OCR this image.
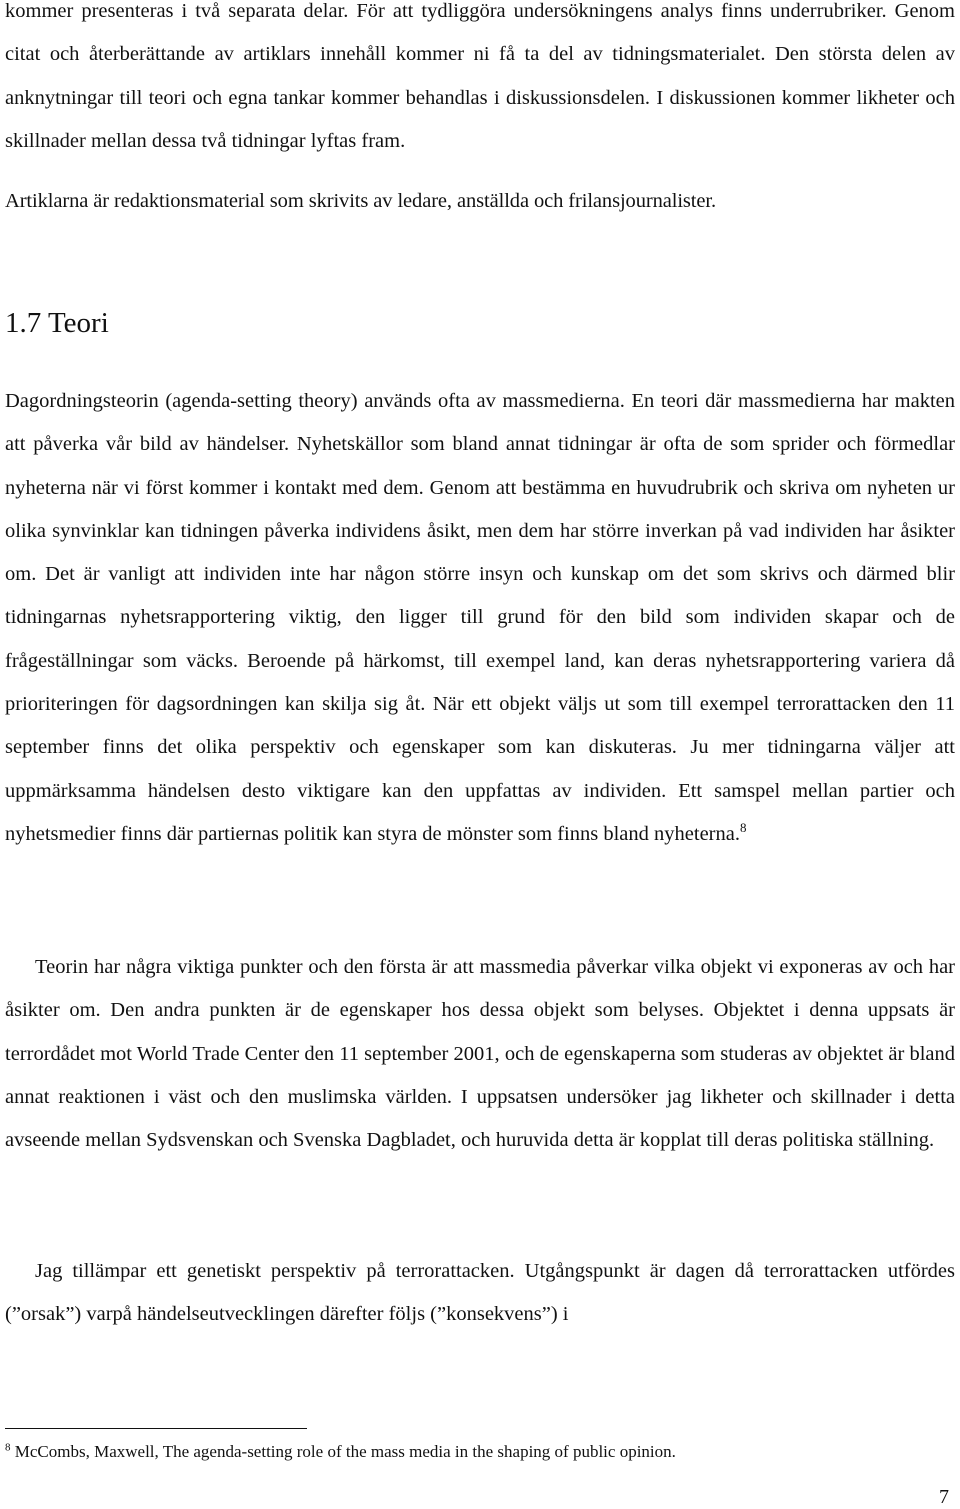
kommer presenteras i två separata delar. För att tydliggöra undersökningens analys finns underrubriker. Genom citat och återberättande av artiklars innehåll kommer ni få ta del av tidningsmaterialet. Den största delen av anknytningar till teori och egna tankar kommer behandlas i diskussionsdelen. I diskussionen kommer likheter och skillnader mellan dessa två tidningar lyftas fram.

Artiklarna är redaktionsmaterial som skrivits av ledare, anställda och frilansjournalister.

1.7 Teori

Dagordningsteorin (agenda-setting theory) används ofta av massmedierna. En teori där massmedierna har makten att påverka vår bild av händelser. Nyhetskällor som bland annat tidningar är ofta de som sprider och förmedlar nyheterna när vi först kommer i kontakt med dem. Genom att bestämma en huvudrubrik och skriva om nyheten ur olika synvinklar kan tidningen påverka individens åsikt, men dem har större inverkan på vad individen har åsikter om. Det är vanligt att individen inte har någon större insyn och kunskap om det som skrivs och därmed blir tidningarnas nyhetsrapportering viktig, den ligger till grund för den bild som individen skapar och de frågeställningar som väcks. Beroende på härkomst, till exempel land, kan deras nyhetsrapportering variera då prioriteringen för dagsordningen kan skilja sig åt. När ett objekt väljs ut som till exempel terrorattacken den 11 september finns det olika perspektiv och egenskaper som kan diskuteras. Ju mer tidningarna väljer att uppmärksamma händelsen desto viktigare kan den uppfattas av individen. Ett samspel mellan partier och nyhetsmedier finns där partiernas politik kan styra de mönster som finns bland nyheterna.$^8$

Teorin har några viktiga punkter och den första är att massmedia påverkar vilka objekt vi exponeras av och har åsikter om. Den andra punkten är de egenskaper hos dessa objekt som belyses. Objektet i denna uppsats är terrordådet mot World Trade Center den 11 september 2001, och de egenskaperna som studeras av objektet är bland annat reaktionen i väst och den muslimska världen. I uppsatsen undersöker jag likheter och skillnader i detta avseende mellan Sydsvenskan och Svenska Dagbladet, och huruvida detta är kopplat till deras politiska ställning.

Jag tillämpar ett genetiskt perspektiv på terrorattacken. Utgångspunkt är dagen då terrorattacken utfördes (”orsak”) varpå händelseutvecklingen därefter följs (”konsekvens”) i

$^8$ McCombs, Maxwell, The agenda-setting role of the mass media in the shaping of public opinion.

7
